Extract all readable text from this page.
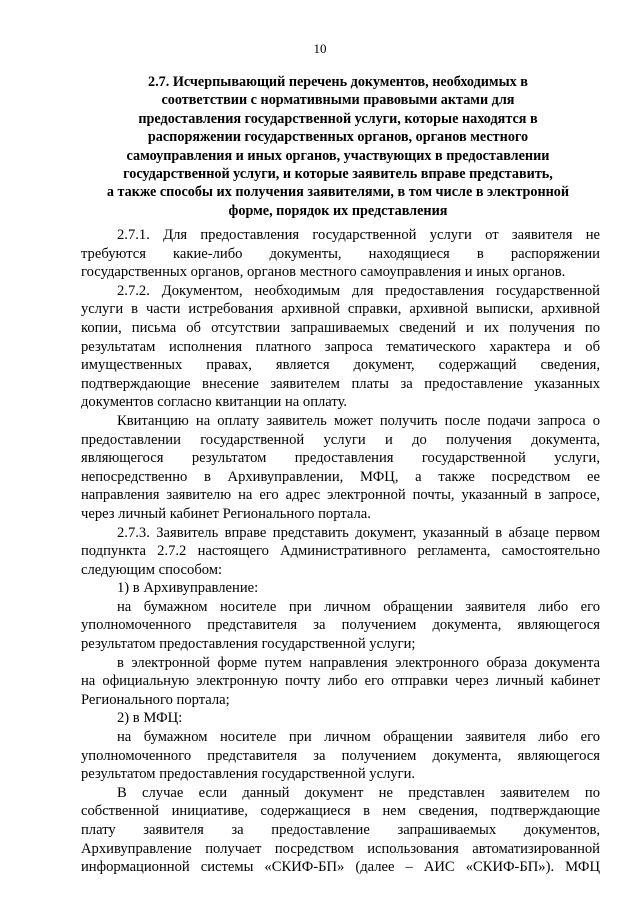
10
2.7. Исчерпывающий перечень документов, необходимых в
соответствии с нормативными правовыми актами для
предоставления государственной услуги, которые находятся в
распоряжении государственных органов, органов местного
самоуправления и иных органов, участвующих в предоставлении
государственной услуги, и которые заявитель вправе представить,
а также способы их получения заявителями, в том числе в электронной
форме, порядок их представления
2.7.1. Для предоставления государственной услуги от заявителя не
требуются какие-либо документы, находящиеся в распоряжении
государственных органов, органов местного самоуправления и иных органов.
2.7.2. Документом, необходимым для предоставления государственной
услуги в части истребования архивной справки, архивной выписки, архивной
копии, письма об отсутствии запрашиваемых сведений и их получения по
результатам исполнения платного запроса тематического характера и об
имущественных правах, является документ, содержащий сведения,
подтверждающие внесение заявителем платы за предоставление указанных
документов согласно квитанции на оплату.
Квитанцию на оплату заявитель может получить после подачи запроса о
предоставлении государственной услуги и до получения документа,
являющегося результатом предоставления государственной услуги,
непосредственно в Архивуправлении, МФЦ, а также посредством ее
направления заявителю на его адрес электронной почты, указанный в запросе,
через личный кабинет Регионального портала.
2.7.3. Заявитель вправе представить документ, указанный в абзаце первом
подпункта 2.7.2 настоящего Административного регламента, самостоятельно
следующим способом:
1) в Архивуправление:
на бумажном носителе при личном обращении заявителя либо его
уполномоченного представителя за получением документа, являющегося
результатом предоставления государственной услуги;
в электронной форме путем направления электронного образа документа
на официальную электронную почту либо его отправки через личный кабинет
Регионального портала;
2) в МФЦ:
на бумажном носителе при личном обращении заявителя либо его
уполномоченного представителя за получением документа, являющегося
результатом предоставления государственной услуги.
В случае если данный документ не представлен заявителем по
собственной инициативе, содержащиеся в нем сведения, подтверждающие
плату заявителя за предоставление запрашиваемых документов,
Архивуправление получает посредством использования автоматизированной
информационной системы «СКИФ-БП» (далее – АИС «СКИФ-БП»). МФЦ
